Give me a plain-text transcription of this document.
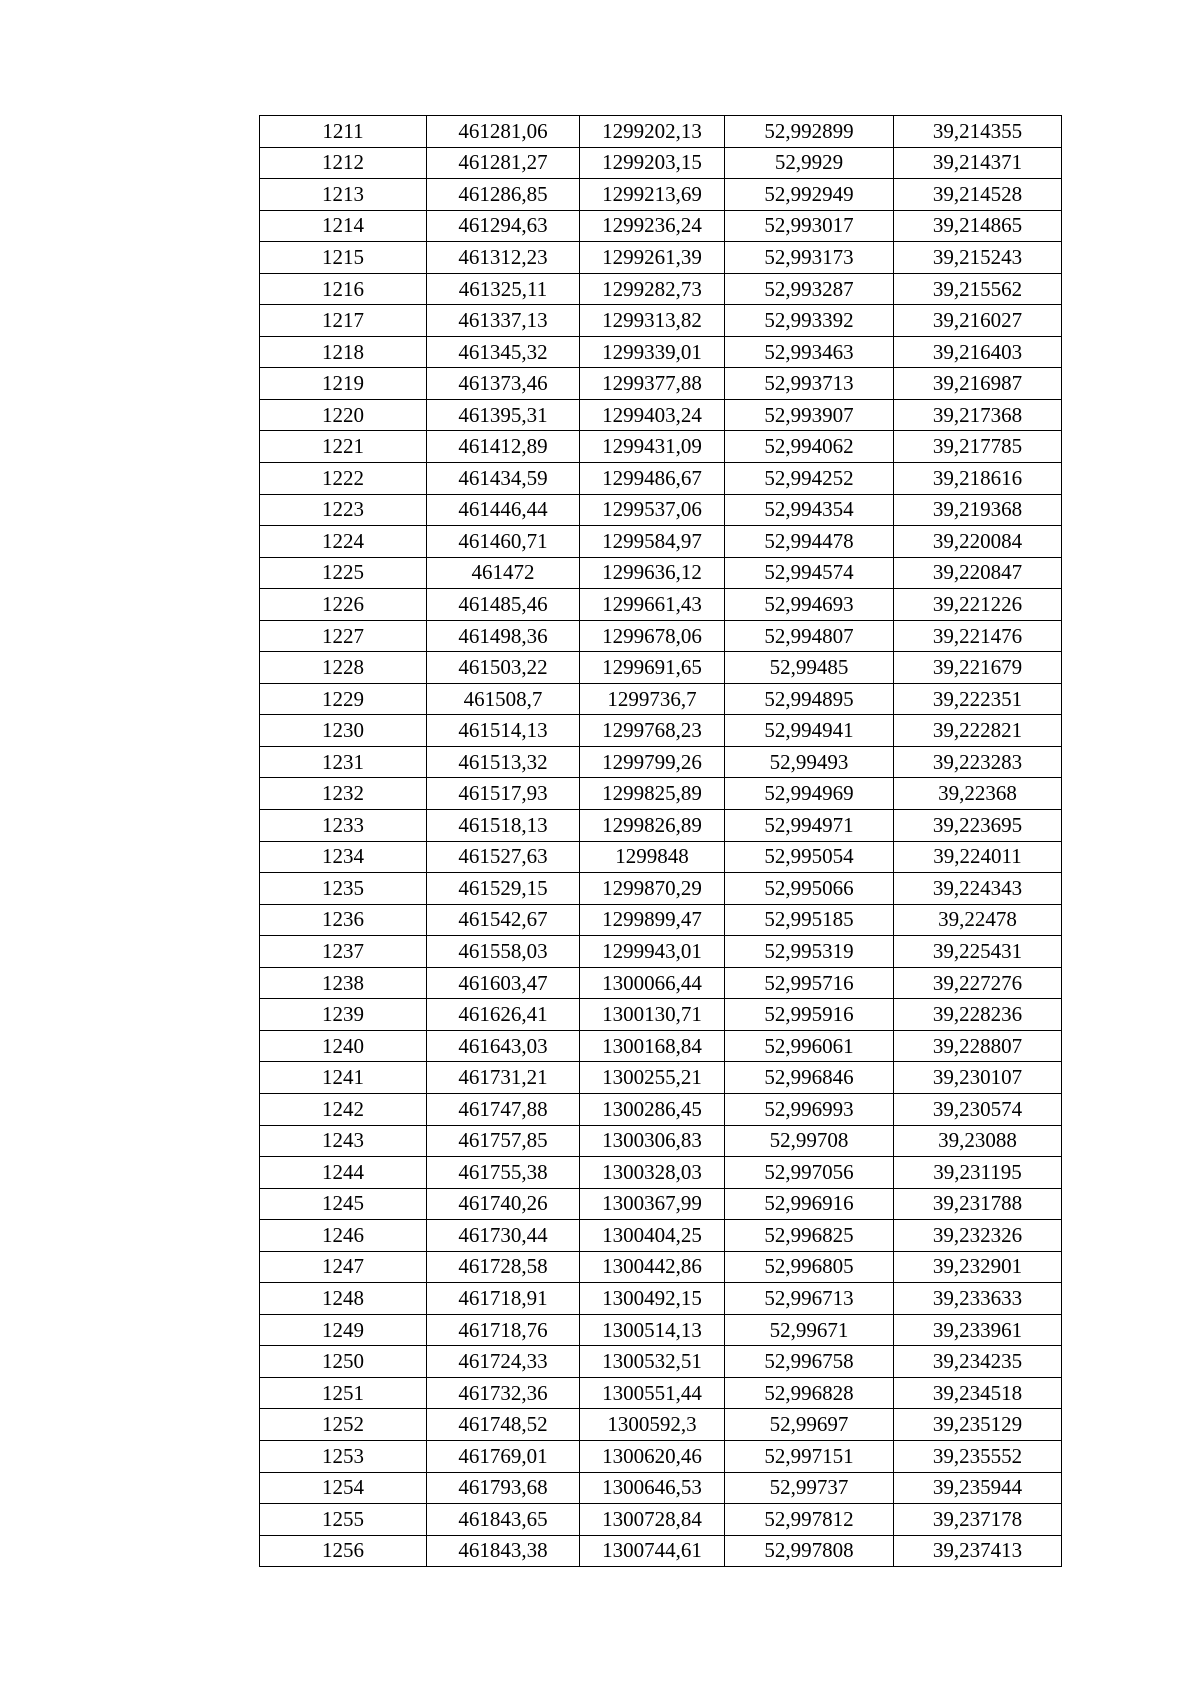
1211	461281,06	1299202,13	52,992899	39,214355
1212	461281,27	1299203,15	52,9929	39,214371
1213	461286,85	1299213,69	52,992949	39,214528
1214	461294,63	1299236,24	52,993017	39,214865
1215	461312,23	1299261,39	52,993173	39,215243
1216	461325,11	1299282,73	52,993287	39,215562
1217	461337,13	1299313,82	52,993392	39,216027
1218	461345,32	1299339,01	52,993463	39,216403
1219	461373,46	1299377,88	52,993713	39,216987
1220	461395,31	1299403,24	52,993907	39,217368
1221	461412,89	1299431,09	52,994062	39,217785
1222	461434,59	1299486,67	52,994252	39,218616
1223	461446,44	1299537,06	52,994354	39,219368
1224	461460,71	1299584,97	52,994478	39,220084
1225	461472	1299636,12	52,994574	39,220847
1226	461485,46	1299661,43	52,994693	39,221226
1227	461498,36	1299678,06	52,994807	39,221476
1228	461503,22	1299691,65	52,99485	39,221679
1229	461508,7	1299736,7	52,994895	39,222351
1230	461514,13	1299768,23	52,994941	39,222821
1231	461513,32	1299799,26	52,99493	39,223283
1232	461517,93	1299825,89	52,994969	39,22368
1233	461518,13	1299826,89	52,994971	39,223695
1234	461527,63	1299848	52,995054	39,224011
1235	461529,15	1299870,29	52,995066	39,224343
1236	461542,67	1299899,47	52,995185	39,22478
1237	461558,03	1299943,01	52,995319	39,225431
1238	461603,47	1300066,44	52,995716	39,227276
1239	461626,41	1300130,71	52,995916	39,228236
1240	461643,03	1300168,84	52,996061	39,228807
1241	461731,21	1300255,21	52,996846	39,230107
1242	461747,88	1300286,45	52,996993	39,230574
1243	461757,85	1300306,83	52,99708	39,23088
1244	461755,38	1300328,03	52,997056	39,231195
1245	461740,26	1300367,99	52,996916	39,231788
1246	461730,44	1300404,25	52,996825	39,232326
1247	461728,58	1300442,86	52,996805	39,232901
1248	461718,91	1300492,15	52,996713	39,233633
1249	461718,76	1300514,13	52,99671	39,233961
1250	461724,33	1300532,51	52,996758	39,234235
1251	461732,36	1300551,44	52,996828	39,234518
1252	461748,52	1300592,3	52,99697	39,235129
1253	461769,01	1300620,46	52,997151	39,235552
1254	461793,68	1300646,53	52,99737	39,235944
1255	461843,65	1300728,84	52,997812	39,237178
1256	461843,38	1300744,61	52,997808	39,237413
